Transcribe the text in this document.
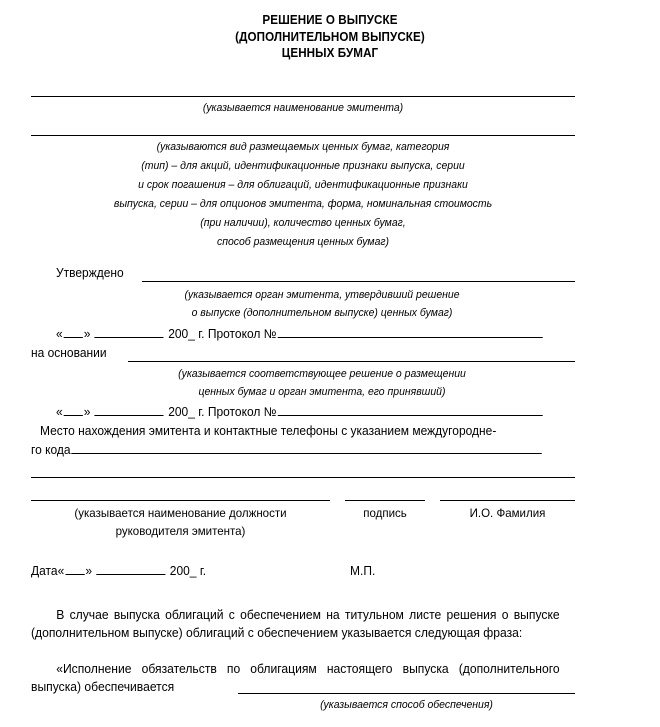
РЕШЕНИЕ О ВЫПУСКЕ
(ДОПОЛНИТЕЛЬНОМ ВЫПУСКЕ)
ЦЕННЫХ БУМАГ
(указывается наименование эмитента)
(указываются вид размещаемых ценных бумаг, категория
(тип) – для акций, идентификационные признаки выпуска, серии
и срок погашения – для облигаций, идентификационные признаки
выпуска, серии – для опционов эмитента, форма, номинальная стоимость
(при наличии), количество ценных бумаг,
способ размещения ценных бумаг)
Утверждено
(указывается орган эмитента, утвердивший решение
о выпуске (дополнительном выпуске) ценных бумаг)
« »	200_ г. Протокол №
на основании
(указывается соответствующее решение о размещении
ценных бумаг и орган эмитента, его принявший)
« »	200_ г. Протокол №
Место нахождения эмитента и контактные телефоны с указанием междугородне-
го кода
(указывается наименование должности
руководителя эмитента)
подпись	И.О. Фамилия
Дата« »	200_ г.	М.П.

В случае выпуска облигаций с обеспечением на титульном листе решения о выпуске (дополнительном выпуске) облигаций с обеспечением указывается следующая фраза:

«Исполнение обязательств по облигациям настоящего выпуска (дополнительного выпуска) обеспечивается

(указывается способ обеспечения)
